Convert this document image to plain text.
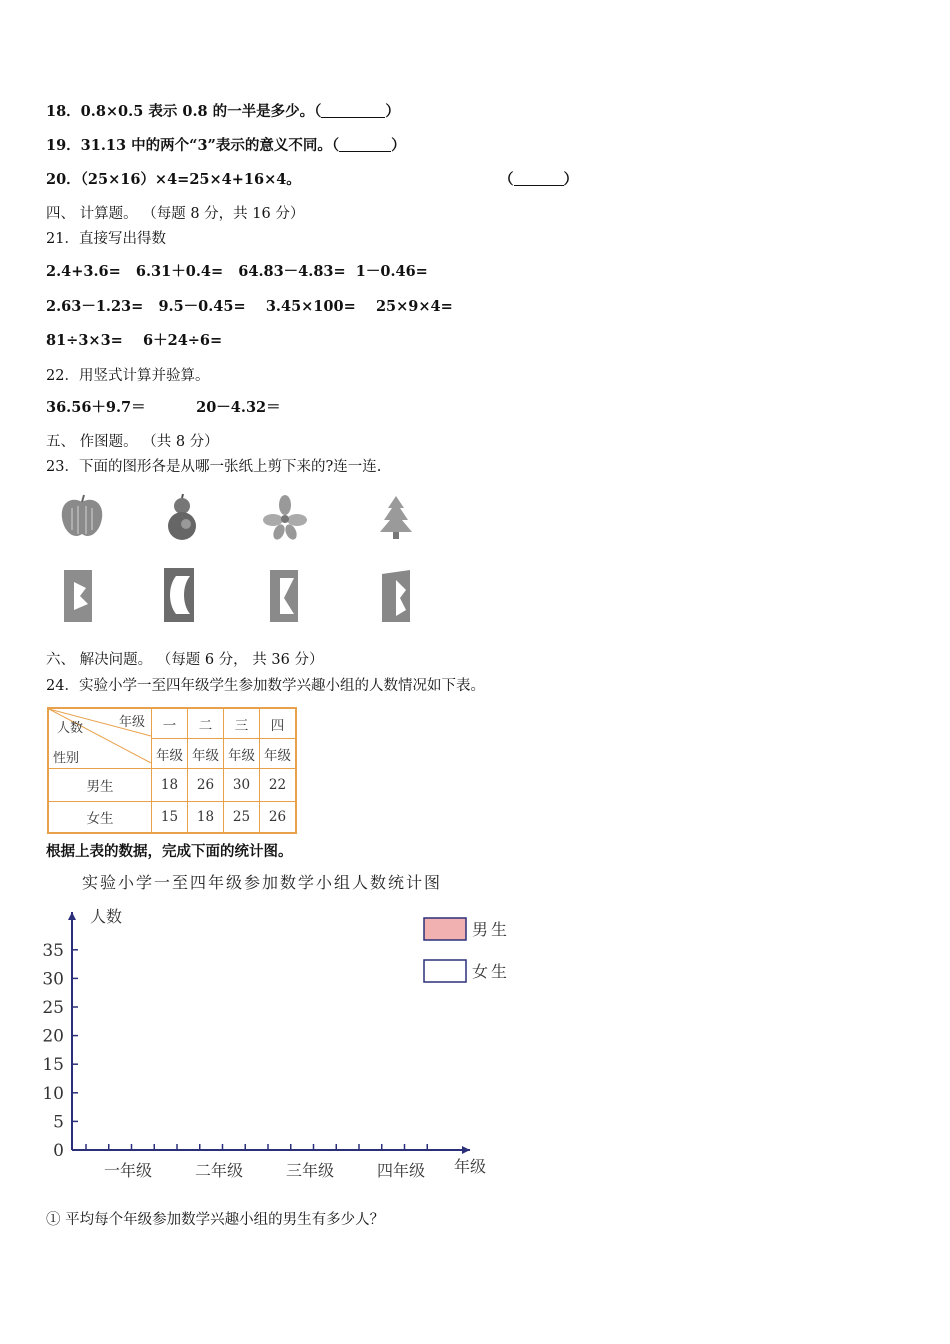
18．0.8×0.5 表示 0.8 的一半是多少。（	）
19．31.13 中的两个“3”表示的意义不同。（	）
20．（25×16）×4=25×4+16×4。	（	）
四、 计算题。 （每题 8 分，共 16 分）
21．直接写出得数
2.4+3.6= 6.31＋0.4= 64.83－4.83= 1－0.46=
2.63－1.23= 9.5－0.45= 3.45×100= 25×9×4=
81÷3×3= 6＋24÷6=
22．用竖式计算并验算。
36.56＋9.7＝	20－4.32＝
五、 作图题。 （共 8 分）
23．下面的图形各是从哪一张纸上剪下来的?连一连.
六、 解决问题。 （每题 6 分， 共 36 分）
24．实验小学一至四年级学生参加数学兴趣小组的人数情况如下表。
年级
人数
性别	一	二	三	四
	年级	年级	年级	年级
男生	18	26	30	22
女生	15	18	25	26
根据上表的数据，完成下面的统计图。
实验小学一至四年级参加数学小组人数统计图
0
5
10
15
20
25
30
35
一年级	二年级	三年级	四年级
人数
年级
男生
女生
① 平均每个年级参加数学兴趣小组的男生有多少人？
